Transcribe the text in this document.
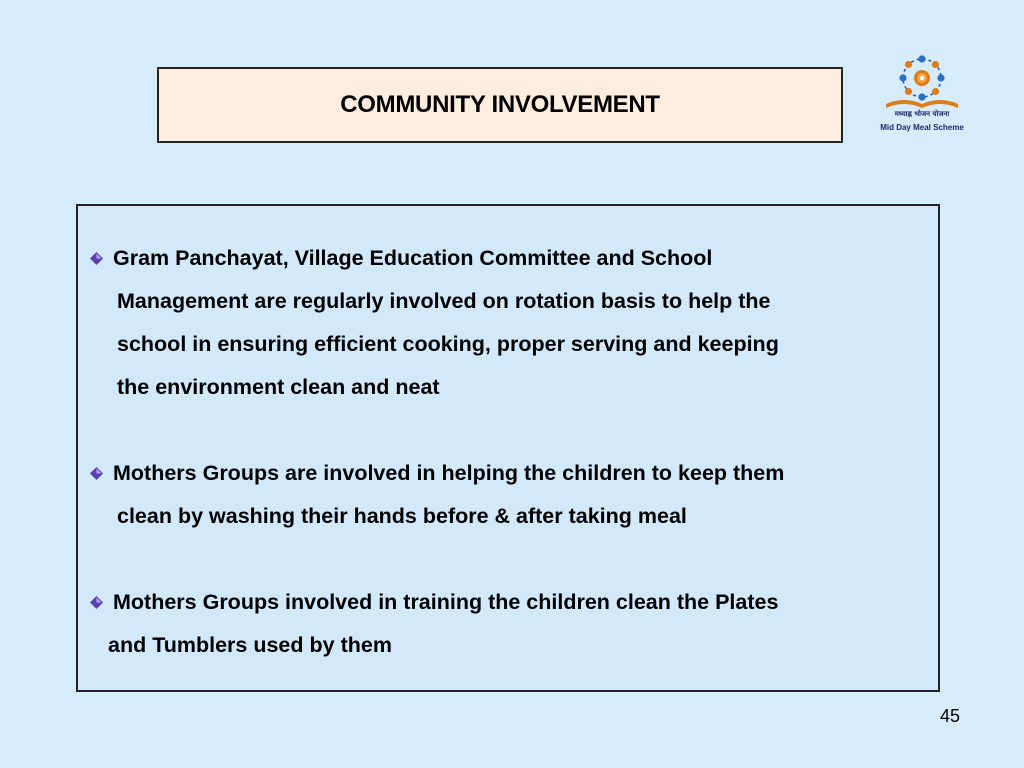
COMMUNITY INVOLVEMENT	मध्याह्न भोजन योजना
Mid Day Meal Scheme
Gram Panchayat, Village Education Committee and School
Management are regularly involved on rotation basis to help the
school in ensuring efficient cooking, proper serving and keeping
the environment clean and neat
Mothers Groups are involved in helping the children to keep them
clean by washing their hands before & after taking meal
Mothers Groups involved in training the children clean the Plates
and Tumblers used by them
45
